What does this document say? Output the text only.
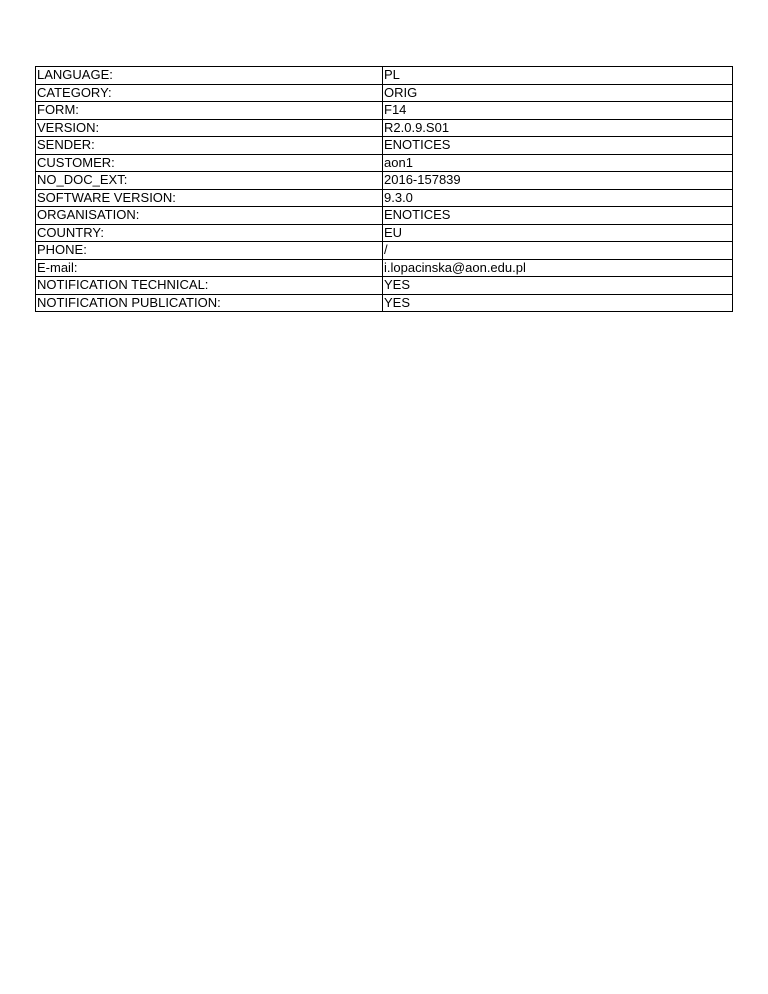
LANGUAGE:	PL
CATEGORY:	ORIG
FORM:	F14
VERSION:	R2.0.9.S01
SENDER:	ENOTICES
CUSTOMER:	aon1
NO_DOC_EXT:	2016-157839
SOFTWARE VERSION:	9.3.0
ORGANISATION:	ENOTICES
COUNTRY:	EU
PHONE:	/
E-mail:	i.lopacinska@aon.edu.pl
NOTIFICATION TECHNICAL:	YES
NOTIFICATION PUBLICATION:	YES
